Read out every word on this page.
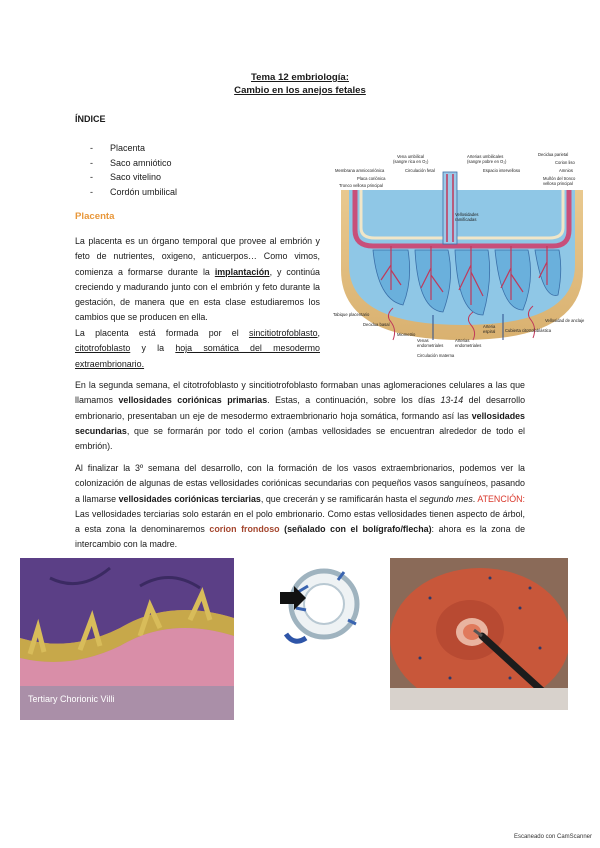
Tema 12 embriología:
Cambio en los anejos fetales
ÍNDICE
- Placenta
- Saco amniótico
- Saco vitelino
- Cordón umbilical
Placenta
La placenta es un órgano temporal que provee al embrión y feto de nutrientes, oxigeno, anticuerpos… Como vimos, comienza a formarse durante la implantación, y continúa creciendo y madurando junto con el embrión y feto durante la gestación, de manera que en esta clase estudiaremos los cambios que se producen en ella.
La placenta está formada por el sincitiotrofoblasto, citotrofoblasto y la hoja somática del mesodermo extraembrionario.
En la segunda semana, el citotrofoblasto y sincitiotrofoblasto formaban unas aglomeraciones celulares a las que llamamos vellosidades coriónicas primarias. Estas, a continuación, sobre los días 13-14 del desarrollo embrionario, presentaban un eje de mesodermo extraembrionario hoja somática, formando así las vellosidades secundarias, que se formarán por todo el corion (ambas vellosidades se encuentran alrededor de todo el embrión).
Al finalizar la 3º semana del desarrollo, con la formación de los vasos extraembrionarios, podemos ver la colonización de algunas de estas vellosidades coriónicas secundarias con pequeños vasos sanguíneos, pasando a llamarse vellosidades coriónicas terciarias, que crecerán y se ramificarán hasta el segundo mes. ATENCIÓN: Las vellosidades terciarias solo estarán en el polo embrionario. Como estas vellosidades tienen aspecto de árbol, a esta zona la denominaremos corion frondoso (señalado con el bolígrafo/flecha): ahora es la zona de intercambio con la madre.
Vena umbilical
(sangre rica en O₂)
Arterias umbilicales
(sangre pobre en O₂)
Decidua parietal
Corion liso
Amnios
Membrana amniocoriónica	Circulación fetal	Espacio intervelloso
Muñón del tronco
velloso principal
Placa coriónica
Tronco velloso principal
Vellosidades
ramificadas
Tabique placentario
Decidua basal
Miometrio
Venas
endometriales
Arterias
endometriales
Arteria
espiral Cubierta citotrofoblástica
Vellosidad de anclaje
Circulación materna
Tertiary Chorionic Villi
Escaneado con CamScanner
